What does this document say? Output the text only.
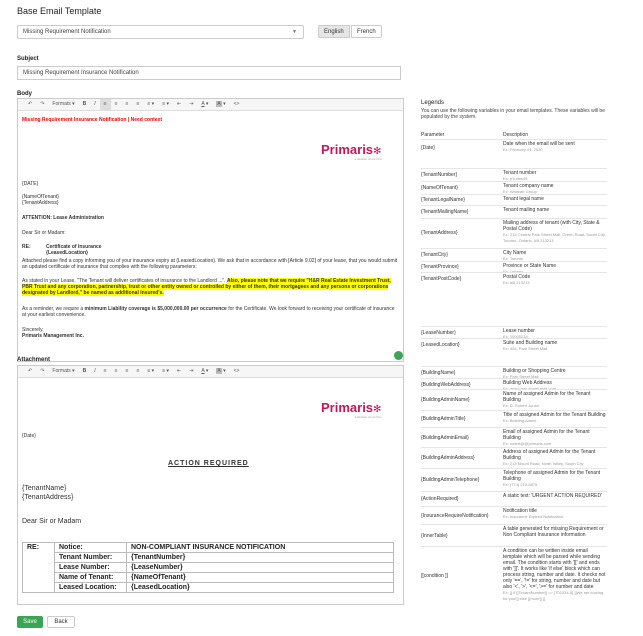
Base Email Template
Missing Requirement Notification	▼	English	French
Subject
Missing Requirement Insurance Notification
Body
↶	↷	Formats ▾	B	I	≡	≡	≡	≡	≡ ▾	≡ ▾	⇤	⇥	A ▾	A ▾	<>
Missing Requirement Insurance Notification | Need context
Primaris✻
a division of our firm
{DATE}
{NameOfTenant}
{TenantAddress}
ATTENTION: Lease Administration
Dear Sir or Madam:
RE:	Certificate of Insurance
{LeasedLocation}
Attached please find a copy informing you of your insurance expiry at {LeasedLocation}. We ask that in accordance with [Article 9.02] of your lease, that you would submit an updated certificate of insurance that complies with the following parameters:
As stated in your Lease, "The Tenant will deliver certificates of insurance to the Landlord ...". Also, please note that we require "H&R Real Estate Investment Trust, PBR Trust and any corporation, partnership, trust or other entity owned or controlled by either of them, their mortgagees and any persons or corporations designated by Landlord," be named as additional insured's.
As a reminder, we require a minimum Liability coverage is $5,000,000.00 per occurrence for the Certificate. We look forward to receiving your certificate of insurance at your earliest convenience.
Sincerely,
Primaris Management Inc.
Attachment
↶	↷	Formats ▾	B	I	≡	≡	≡	≡	≡ ▾	≡ ▾	⇤	⇥	A ▾	A ▾	<>
Primaris✻
a division of our firm
{Date}
ACTION REQUIRED
{TenantName}
{TenantAddress}
Dear Sir or Madam
RE:	Notice:	NON-COMPLIANT INSURANCE NOTIFICATION
	Tenant Number:	{TenantNumber}
	Lease Number:	{LeaseNumber}
	Name of Tenant:	{NameOfTenant}
	Leased Location:	{LeasedLocation}
Legends
You can use the following variables in your email templates. These variables will be populated by the system.
Parameter	Description
{Date}
Date when the email will be sent
Ex: February 04, 2020
{TenantNumber}	Tenant number
Ex: p1urbw45
{NameOfTenant}	Tenant company name
Ex: Walmart Group
{TenantLegalName}	Tenant legal name
{TenantMailingName}	Tenant mailing name
{TenantAddress}
Mailing address of tenant (with City, State & Postal Code)
Ex: 215 Central Park Street Mall, Green Road, South City, Toronto, Ontario, AB 213213
{TenantCity}	City Name
Ex: Toronto
{TenantProvince}	Province or State Name
Ex: Ontario
{TenantPostCode}	Postal Code
Ex: AB 213213
{LeaseNumber}	Lease number
Ex: 10000234
{LeasedLocation}	Suite and Building name
Ex: 405, Park Street Mall
{BuildingName}	Building or Shopping Centre
Ex: Park Street Mall
{BuildingWebAddress}	Building Web Address
Ex: www.park-street-mall.com
{BuildingAdminName}
Name of assigned Admin for the Tenant Building
Ex: D. Robert Junior
{BuildingAdminTitle}
Title of assigned Admin for the Tenant Building
Ex: Building Admin
{BuildingAdminEmail}
Email of assigned Admin for the Tenant Building
Ex: robert@@primaris.com
{BuildingAdminAddress}
Address of assigned Admin for the Tenant Building
Ex: 213 Mount Road, North Valley, South City
{BuildingAdminTelephone}
Telephone of assigned Admin for the Tenant Building
Ex: (774) 219-5875
{ActionRequired}	A static text: 'URGENT ACTION REQUIRED'
{InsuranceRequireNotification}
Notification title
Ex: Insurance Expired Notification
{InnerTable}
A table generated for missing Requirement or Non Compliant Insurance information
[[condition ]]
A condition can be written inside email template which will be parsed while sending email. The condition starts with '[[' and ends with ']]'. It works like 'if else' block which can process string, number and date. It checks not only '==', '!=' for string, number and date but also '<', '>', '<=', '>=' for number and date
Ex: [[ if [[TenantNumber]] == [T02334-5] ]]We are looking for you!]] else [[more]] ]]
Save	Back
